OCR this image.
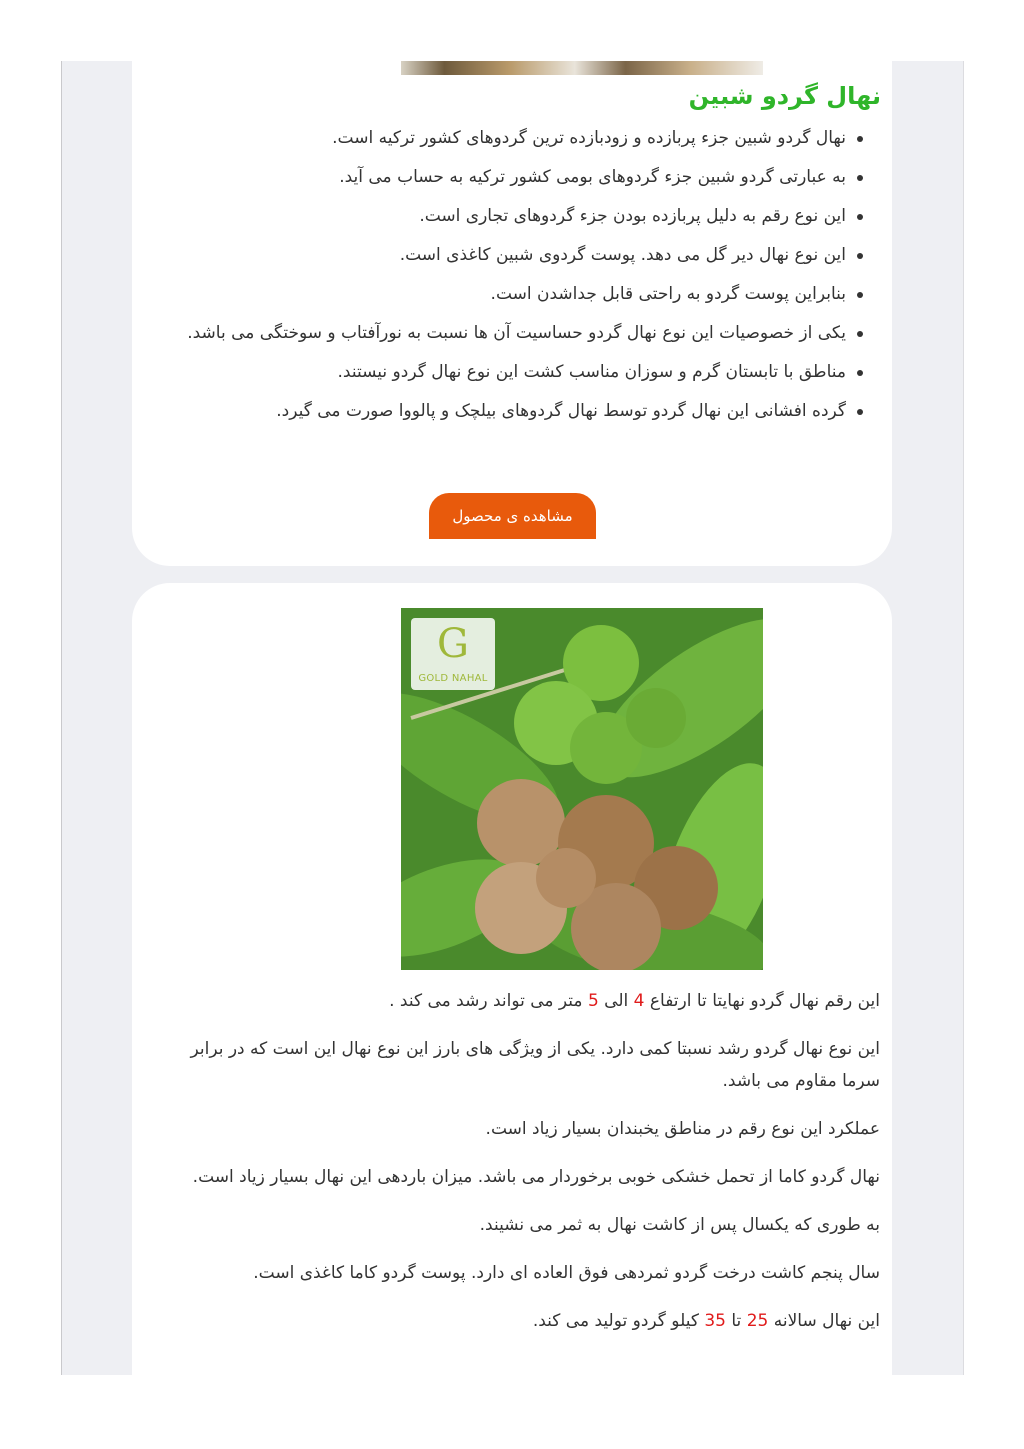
نهال گردو شبین
نهال گردو شبین جزء پربازده و زودبازده ترین گردوهای کشور ترکیه است.
به عبارتی گردو شبین جزء گردوهای بومی کشور ترکیه به حساب می آید.
این نوع رقم به دلیل پربازده بودن جزء گردوهای تجاری است.
این نوع نهال دیر گل می دهد. پوست گردوی شبین کاغذی است.
بنابراین پوست گردو به راحتی قابل جداشدن است.
یکی از خصوصیات این نوع نهال گردو حساسیت آن ها نسبت به نورآفتاب و سوختگی می باشد.
مناطق با تابستان گرم و سوزان مناسب کشت این نوع نهال گردو نیستند.
گرده افشانی این نهال گردو توسط نهال گردوهای بیلچک و پالووا صورت می گیرد.
مشاهده ی محصول
G
GOLD NAHAL

این رقم نهال گردو نهایتا تا ارتفاع 4 الی 5 متر می تواند رشد می کند .

این نوع نهال گردو رشد نسبتا کمی دارد. یکی از ویژگی های بارز این نوع نهال این است که در برابر سرما مقاوم می باشد.

عملکرد این نوع رقم در مناطق یخبندان بسیار زیاد است.

نهال گردو کاما از تحمل خشکی خوبی برخوردار می باشد. میزان باردهی این نهال بسیار زیاد است.

به طوری که یکسال پس از کاشت نهال به ثمر می نشیند.

سال پنجم کاشت درخت گردو ثمردهی فوق العاده ای دارد. پوست گردو کاما کاغذی است.

این نهال سالانه 25 تا 35 کیلو گردو تولید می کند.
